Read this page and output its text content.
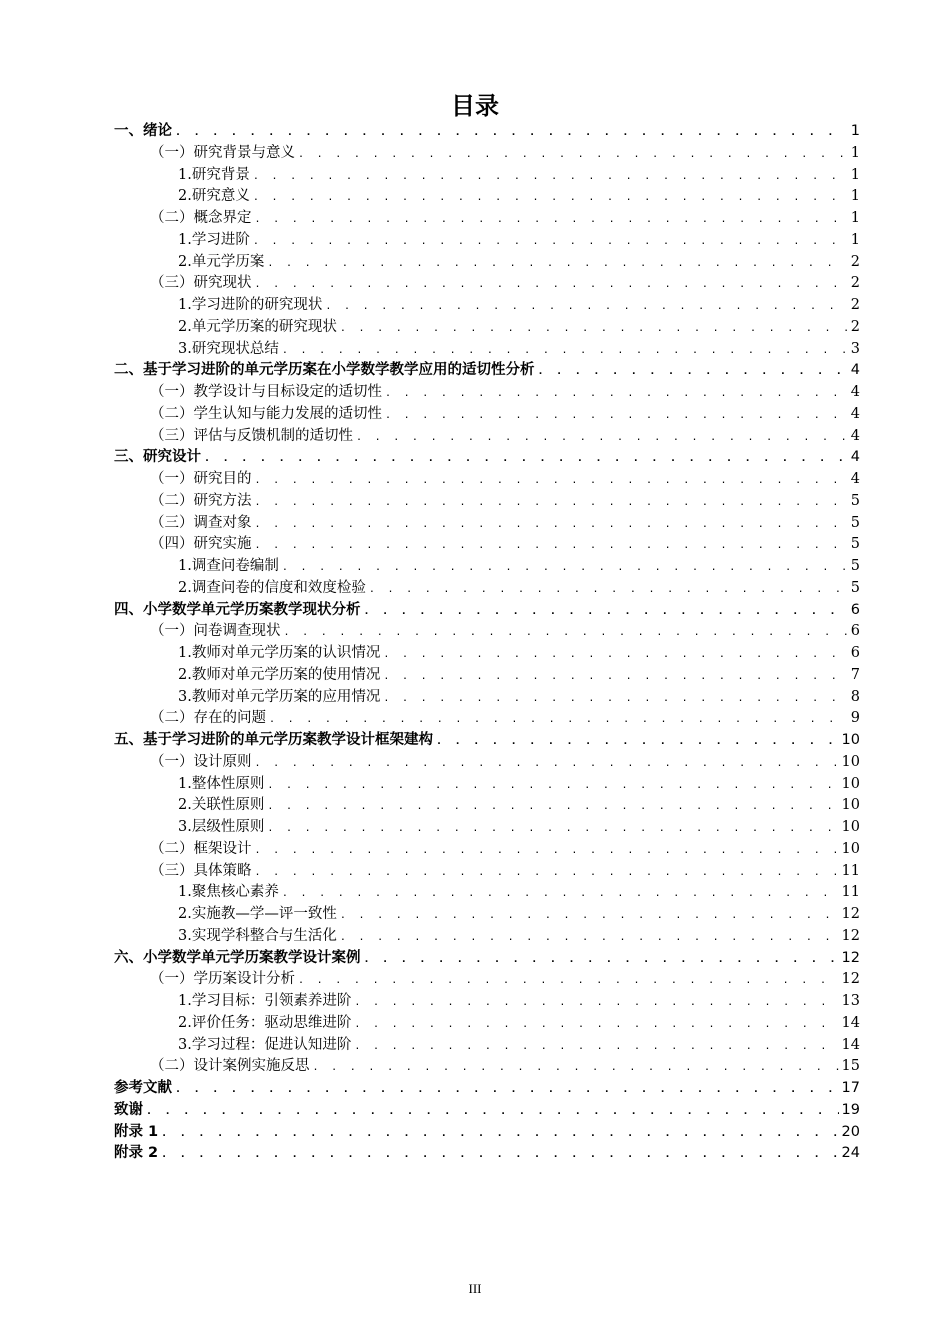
目录
一、绪论 . . .	1
（一）研究背景与意义 . . .	1
1.研究背景 . . .	1
2.研究意义 . . .	1
（二）概念界定 . . .	1
1.学习进阶 . . .	1
2.单元学历案 . . .	2
（三）研究现状 . . .	2
1.学习进阶的研究现状 . . .	2
2.单元学历案的研究现状 . . .	2
3.研究现状总结 . . .	3
二、基于学习进阶的单元学历案在小学数学教学应用的适切性分析 . . .	4
（一）教学设计与目标设定的适切性 . . .	4
（二）学生认知与能力发展的适切性 . . .	4
（三）评估与反馈机制的适切性 . . .	4
三、研究设计 . . .	4
（一）研究目的 . . .	4
（二）研究方法 . . .	5
（三）调查对象 . . .	5
（四）研究实施 . . .	5
1.调查问卷编制 . . .	5
2.调查问卷的信度和效度检验 . . .	5
四、小学数学单元学历案教学现状分析 . . .	6
（一）问卷调查现状 . . .	6
1.教师对单元学历案的认识情况 . . .	6
2.教师对单元学历案的使用情况 . . .	7
3.教师对单元学历案的应用情况 . . .	8
（二）存在的问题 . . .	9
五、基于学习进阶的单元学历案教学设计框架建构 . . .	10
（一）设计原则 . . .	10
1.整体性原则 . . .	10
2.关联性原则 . . .	10
3.层级性原则 . . .	10
（二）框架设计 . . .	10
（三）具体策略 . . .	11
1.聚焦核心素养 . . .	11
2.实施教—学—评一致性 . . .	12
3.实现学科整合与生活化 . . .	12
六、小学数学单元学历案教学设计案例 . . .	12
（一）学历案设计分析 . . .	12
1.学习目标：引领素养进阶 . . .	13
2.评价任务：驱动思维进阶 . . .	14
3.学习过程：促进认知进阶 . . .	14
（二）设计案例实施反思 . . .	15
参考文献 . . .	17
致谢 . . .	19
附录 1 . . .	20
附录 2 . . .	24
III
